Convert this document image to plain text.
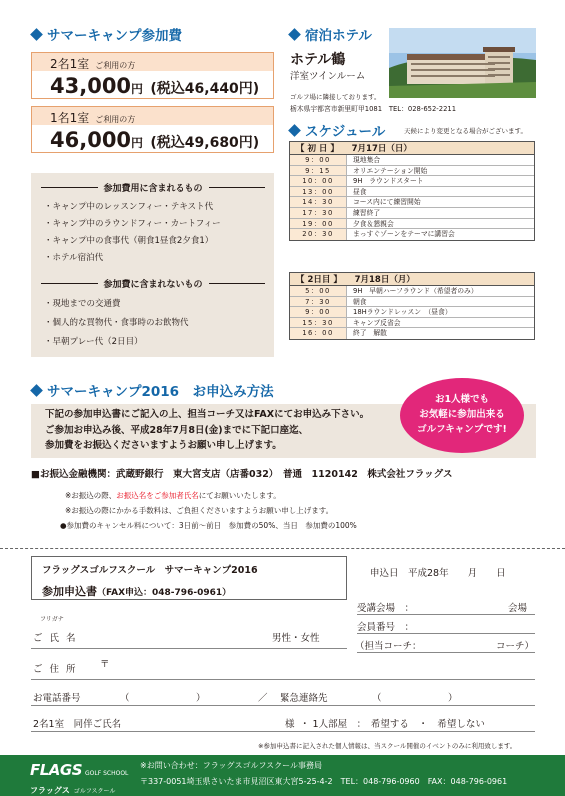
サマーキャンプ参加費
2名1室 ご利用の方
43,000円 (税込46,440円)
1名1室 ご利用の方
46,000円 (税込49,680円)
参加費用に含まれるもの
・キャンプ中のレッスンフィー・テキスト代
・キャンプ中のラウンドフィー・カートフィー
・キャンプ中の食事代（朝食1昼食2夕食1）
・ホテル宿泊代
参加費に含まれないもの
・現地までの交通費
・個人的な買物代・食事時のお飲物代
・早朝プレー代（2日目）
宿泊ホテル
ホテル鶴
洋室ツインルーム
ゴルフ場に隣接しております。
栃木県宇都宮市新里町甲1081　TEL：028-652-2211
スケジュール	天候により変更となる場合がございます。
【 初 日 】　　7月17日（日）
9：00	現地集合
9：15	オリエンテーション開始
10：00	9H　ラウンドスタート
13：00	昼食
14：30	コース内にて練習開始
17：30	練習終了
19：00	夕食＆懇親会
20：30	まっすぐゾーンをテーマに講習会
【 2日目 】　　7月18日（月）
5：00	9H　早朝ハーフラウンド（希望者のみ）
7：30	朝食
9：00	18Hラウンドレッスン　（昼食）
15：30	キャンプ反省会
16：00	終了　解散
サマーキャンプ2016　お申込み方法
下記の参加申込書にご記入の上、担当コーチ又はFAXにてお申込み下さい。
ご参加お申込み後、平成28年7月8日(金)までに下記口座迄、
参加費をお振込くださいますようお願い申し上げます。
お1人様でも
お気軽に参加出来る
ゴルフキャンプです!
■お振込金融機関：武蔵野銀行　東大宮支店（店番032）　普通　1120142　株式会社フラッグス
※お振込の際、お振込名をご参加者氏名にてお願いいたします。
※お振込の際にかかる手数料は、ご負担くださいますようお願い申し上げます。
●参加費のキャンセル料について：3日前～前日　参加費の50%、当日　参加費の100%
フラッグスゴルフスクール　サマーキャンプ2016
参加申込書（FAX申込：048-796-0961）
申込日　平成28年　　月　　日
受講会場　：	会場
会員番号　：
（担当コーチ：	コーチ）
フリガナ
ご 氏 名	男性・女性
ご 住 所 〒
お電話番号	（　　　　　　　）	／ 緊急連絡先	（　　　　　　　）
2名1室　同伴ご氏名	様 ・ 1人部屋　：　希望する　・　希望しない
※参加申込書に記入された個人情報は、当スクール開催のイベントのみに利用致します。
FLAGS GOLF SCHOOL
フラッグス ゴルフスクール
※お問い合わせ：フラッグスゴルフスクール事務局
〒337-0051埼玉県さいたま市見沼区東大宮5-25-4-2　TEL：048-796-0960　FAX：048-796-0961
